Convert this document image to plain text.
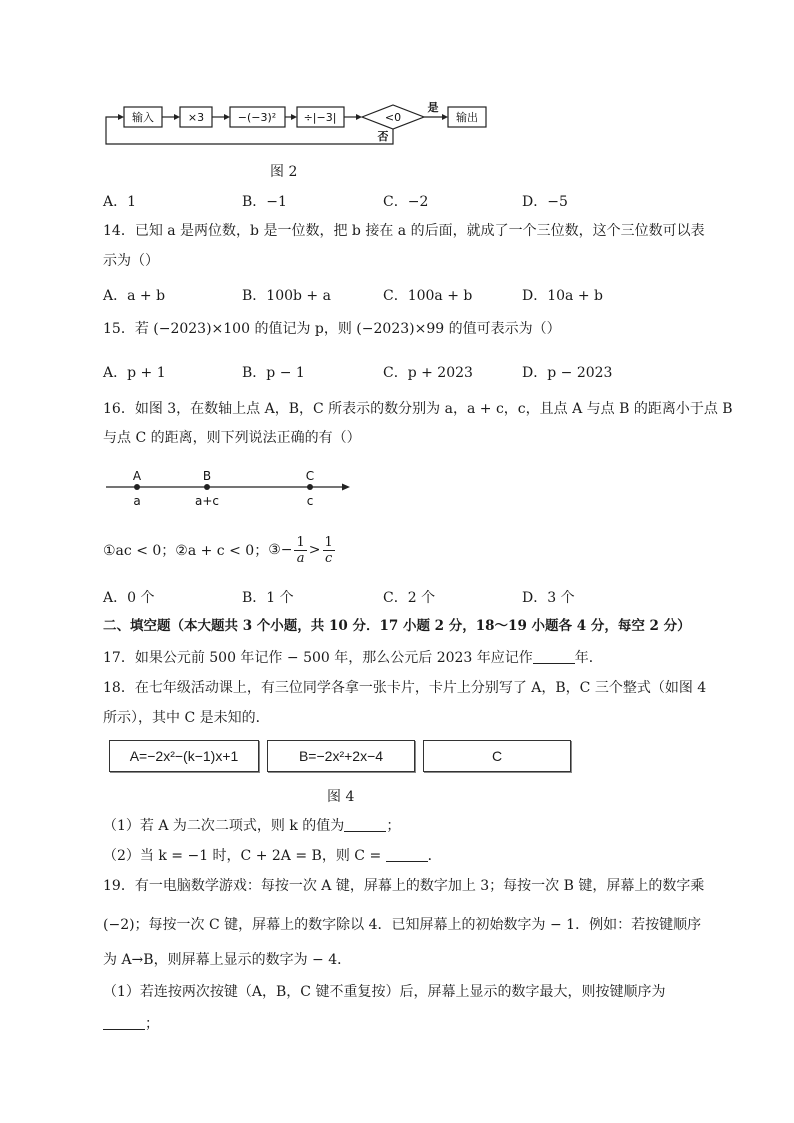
输入	×3	−(−3)² ÷|−3|	<0	输出
是
否
图 2
A．1	B．−1	C．−2	D．−5
14．已知 a 是两位数，b 是一位数，把 b 接在 a 的后面，就成了一个三位数，这个三位数可以表
示为（）
A．a + b	B．100b + a	C．100a + b	D．10a + b
15．若 (−2023)×100 的值记为 p，则 (−2023)×99 的值可表示为（）
A．p + 1	B．p − 1	C．p + 2023	D．p − 2023
16．如图 3，在数轴上点 A，B，C 所表示的数分别为 a，a + c，c，且点 A 与点 B 的距离小于点 B
与点 C 的距离，则下列说法正确的有（）
A	B	C
a	a+c	c
①ac < 0； ②a + c < 0； ③− $\frac{1}{a} > \frac{1}{c}$
A．0 个	B．1 个	C．2 个	D．3 个
二、填空题（本大题共 3 个小题，共 10 分．17 小题 2 分，18～19 小题各 4 分，每空 2 分）
17．如果公元前 500 年记作 − 500 年，那么公元后 2023 年应记作	年．
18．在七年级活动课上，有三位同学各拿一张卡片，卡片上分别写了 A，B，C 三个整式（如图 4
所示），其中 C 是未知的．
A=−2x²−(k−1)x+1	B=−2x²+2x−4	C
图 4
（1）若 A 为二次二项式，则 k 的值为	；
（2）当 k = −1 时，C + 2A = B，则 C =	．
19．有一电脑数学游戏：每按一次 A 键，屏幕上的数字加上 3；每按一次 B 键，屏幕上的数字乘
(−2)；每按一次 C 键，屏幕上的数字除以 4．已知屏幕上的初始数字为 − 1．例如：若按键顺序
为 A→B，则屏幕上显示的数字为 − 4．
（1）若连按两次按键（A，B，C 键不重复按）后，屏幕上显示的数字最大，则按键顺序为
；
